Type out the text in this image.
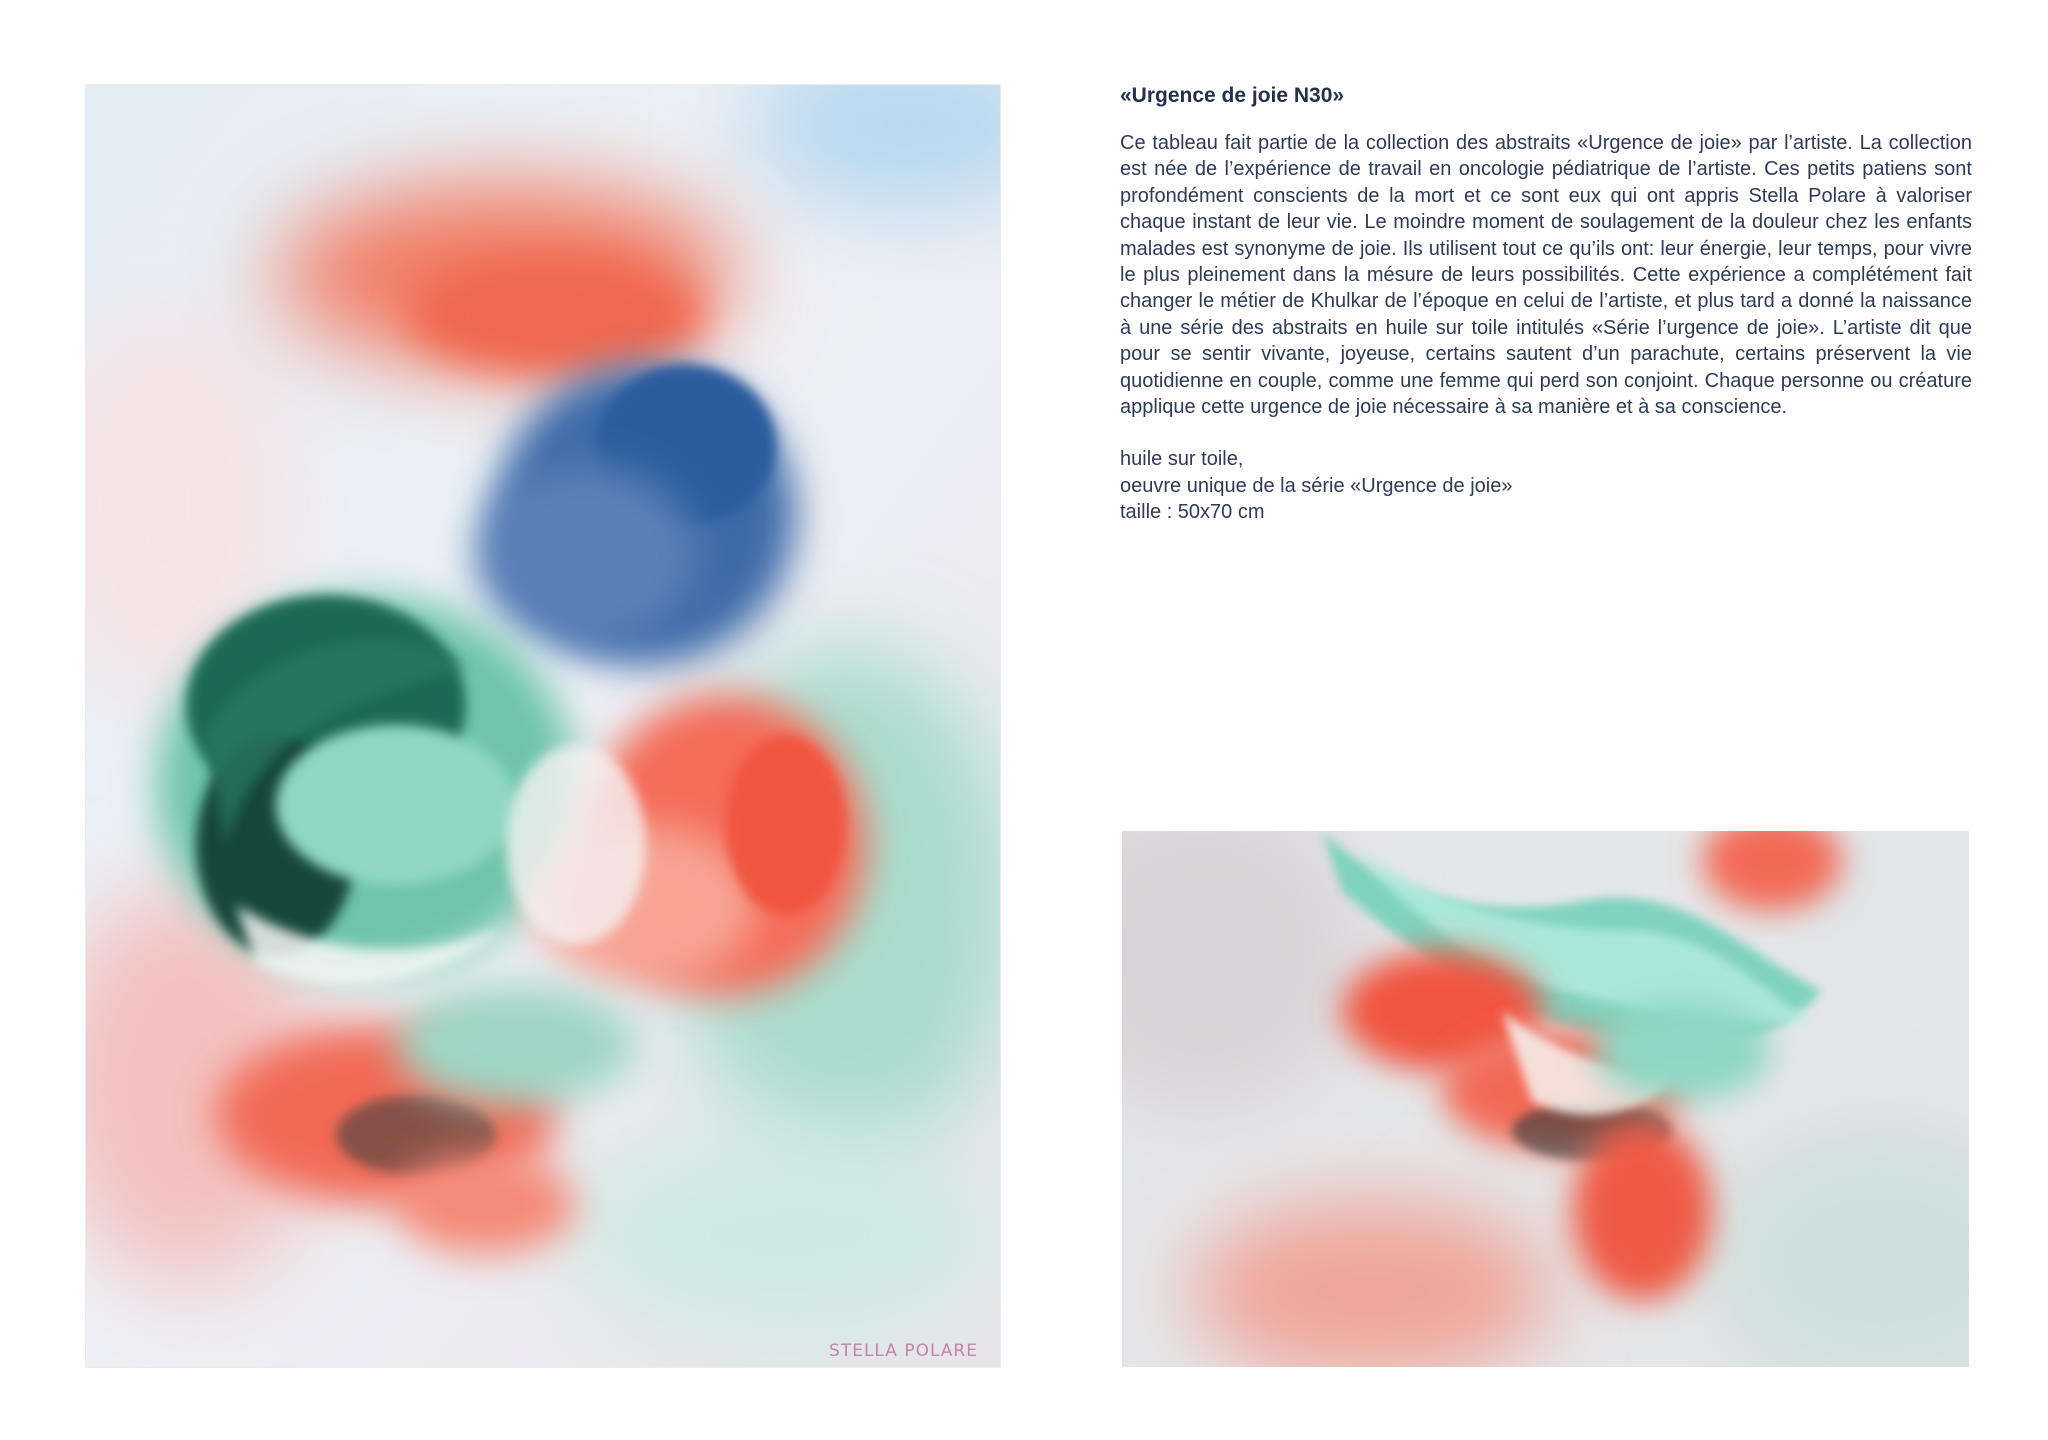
STELLA POLARE
«Urgence de joie N30»

Ce tableau fait partie de la collection des abstraits «Urgence de joie» par l’artiste. La collection est née de l’expérience de travail en oncologie pédiatrique de l’artiste. Ces petits patiens sont profondément conscients de la mort et ce sont eux qui ont appris Stella Polare à valoriser chaque instant de leur vie. Le moindre moment de soulagement de la douleur chez les enfants malades est synonyme de joie. Ils utilisent tout ce qu’ils ont: leur énergie, leur temps, pour vivre le plus pleinement dans la mésure de leurs possibilités. Cette expérience a complétément fait changer le métier de Khulkar de l’époque en celui de l’artiste, et plus tard a donné la naissance à une série des abstraits en huile sur toile intitulés «Série l’urgence de joie». L’artiste dit que pour se sentir vivante, joyeuse, certains sautent d’un parachute, certains préservent la vie quotidienne en couple, comme une femme qui perd son conjoint. Chaque personne ou créature applique cette urgence de joie nécessaire à sa manière et à sa conscience.

huile sur toile,
oeuvre unique de la série «Urgence de joie»
taille : 50x70 cm
